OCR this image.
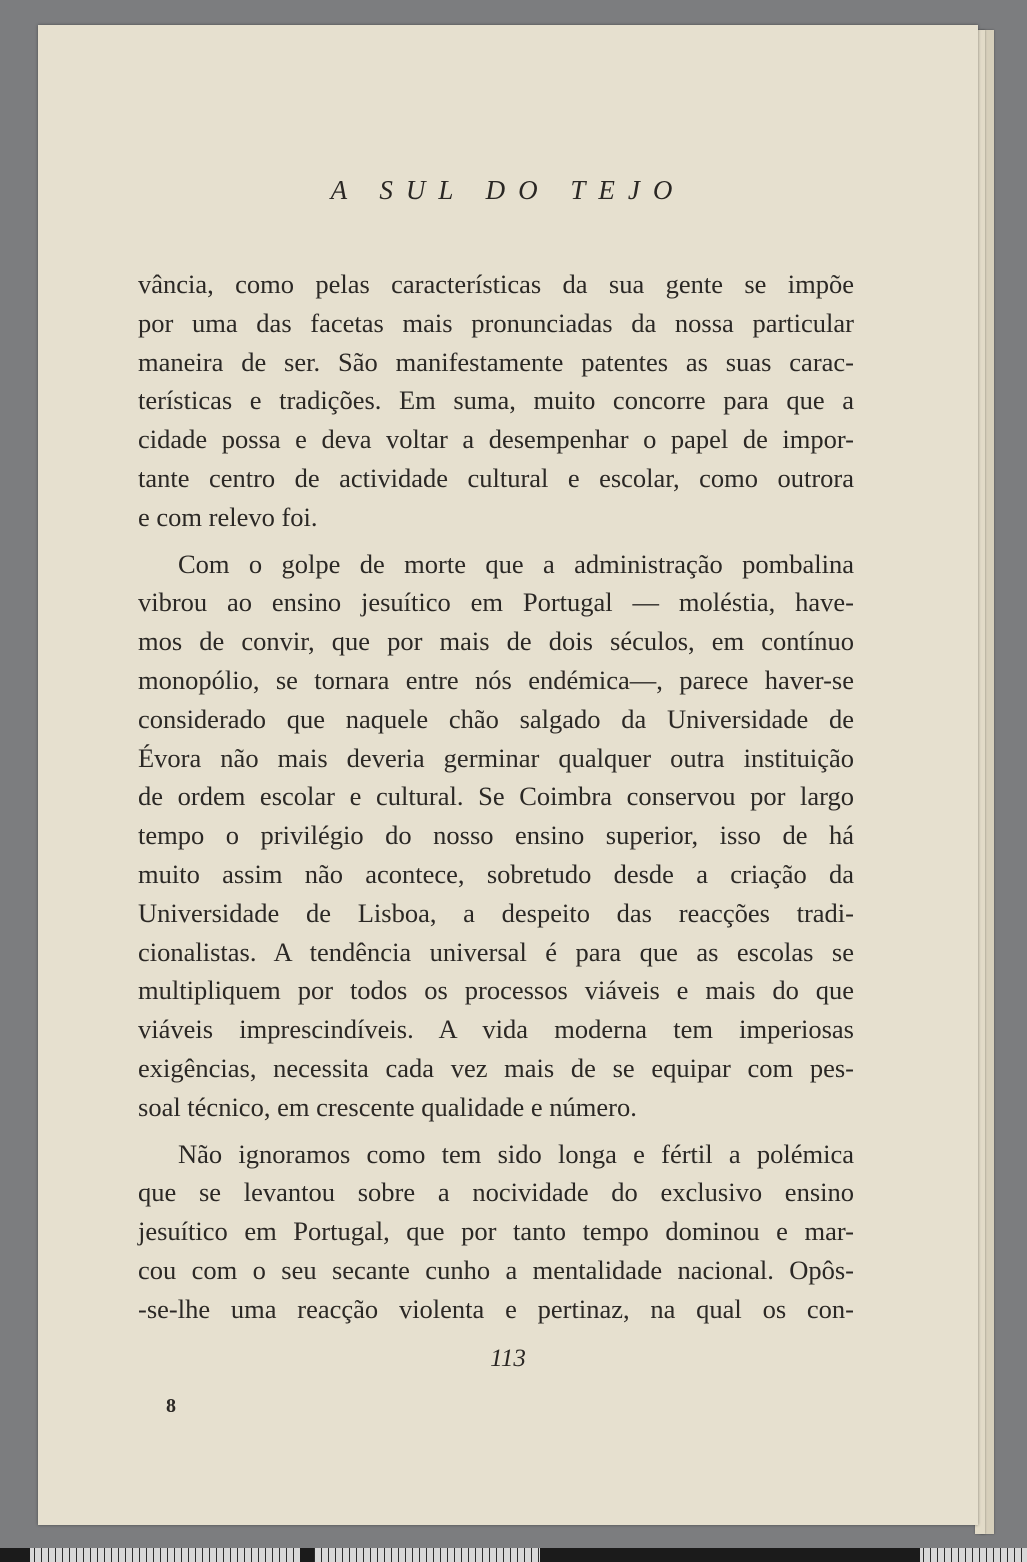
A SUL DO TEJO
vância, como pelas características da sua gente se impõe
por uma das facetas mais pronunciadas da nossa particular
maneira de ser. São manifestamente patentes as suas carac-
terísticas e tradições. Em suma, muito concorre para que a
cidade possa e deva voltar a desempenhar o papel de impor-
tante centro de actividade cultural e escolar, como outrora
e com relevo foi.
Com o golpe de morte que a administração pombalina
vibrou ao ensino jesuítico em Portugal — moléstia, have-
mos de convir, que por mais de dois séculos, em contínuo
monopólio, se tornara entre nós endémica—, parece haver-se
considerado que naquele chão salgado da Universidade de
Évora não mais deveria germinar qualquer outra instituição
de ordem escolar e cultural. Se Coimbra conservou por largo
tempo o privilégio do nosso ensino superior, isso de há
muito assim não acontece, sobretudo desde a criação da
Universidade de Lisboa, a despeito das reacções tradi-
cionalistas. A tendência universal é para que as escolas se
multipliquem por todos os processos viáveis e mais do que
viáveis imprescindíveis. A vida moderna tem imperiosas
exigências, necessita cada vez mais de se equipar com pes-
soal técnico, em crescente qualidade e número.
Não ignoramos como tem sido longa e fértil a polémica
que se levantou sobre a nocividade do exclusivo ensino
jesuítico em Portugal, que por tanto tempo dominou e mar-
cou com o seu secante cunho a mentalidade nacional. Opôs-
-se-lhe uma reacção violenta e pertinaz, na qual os con-
113
8
